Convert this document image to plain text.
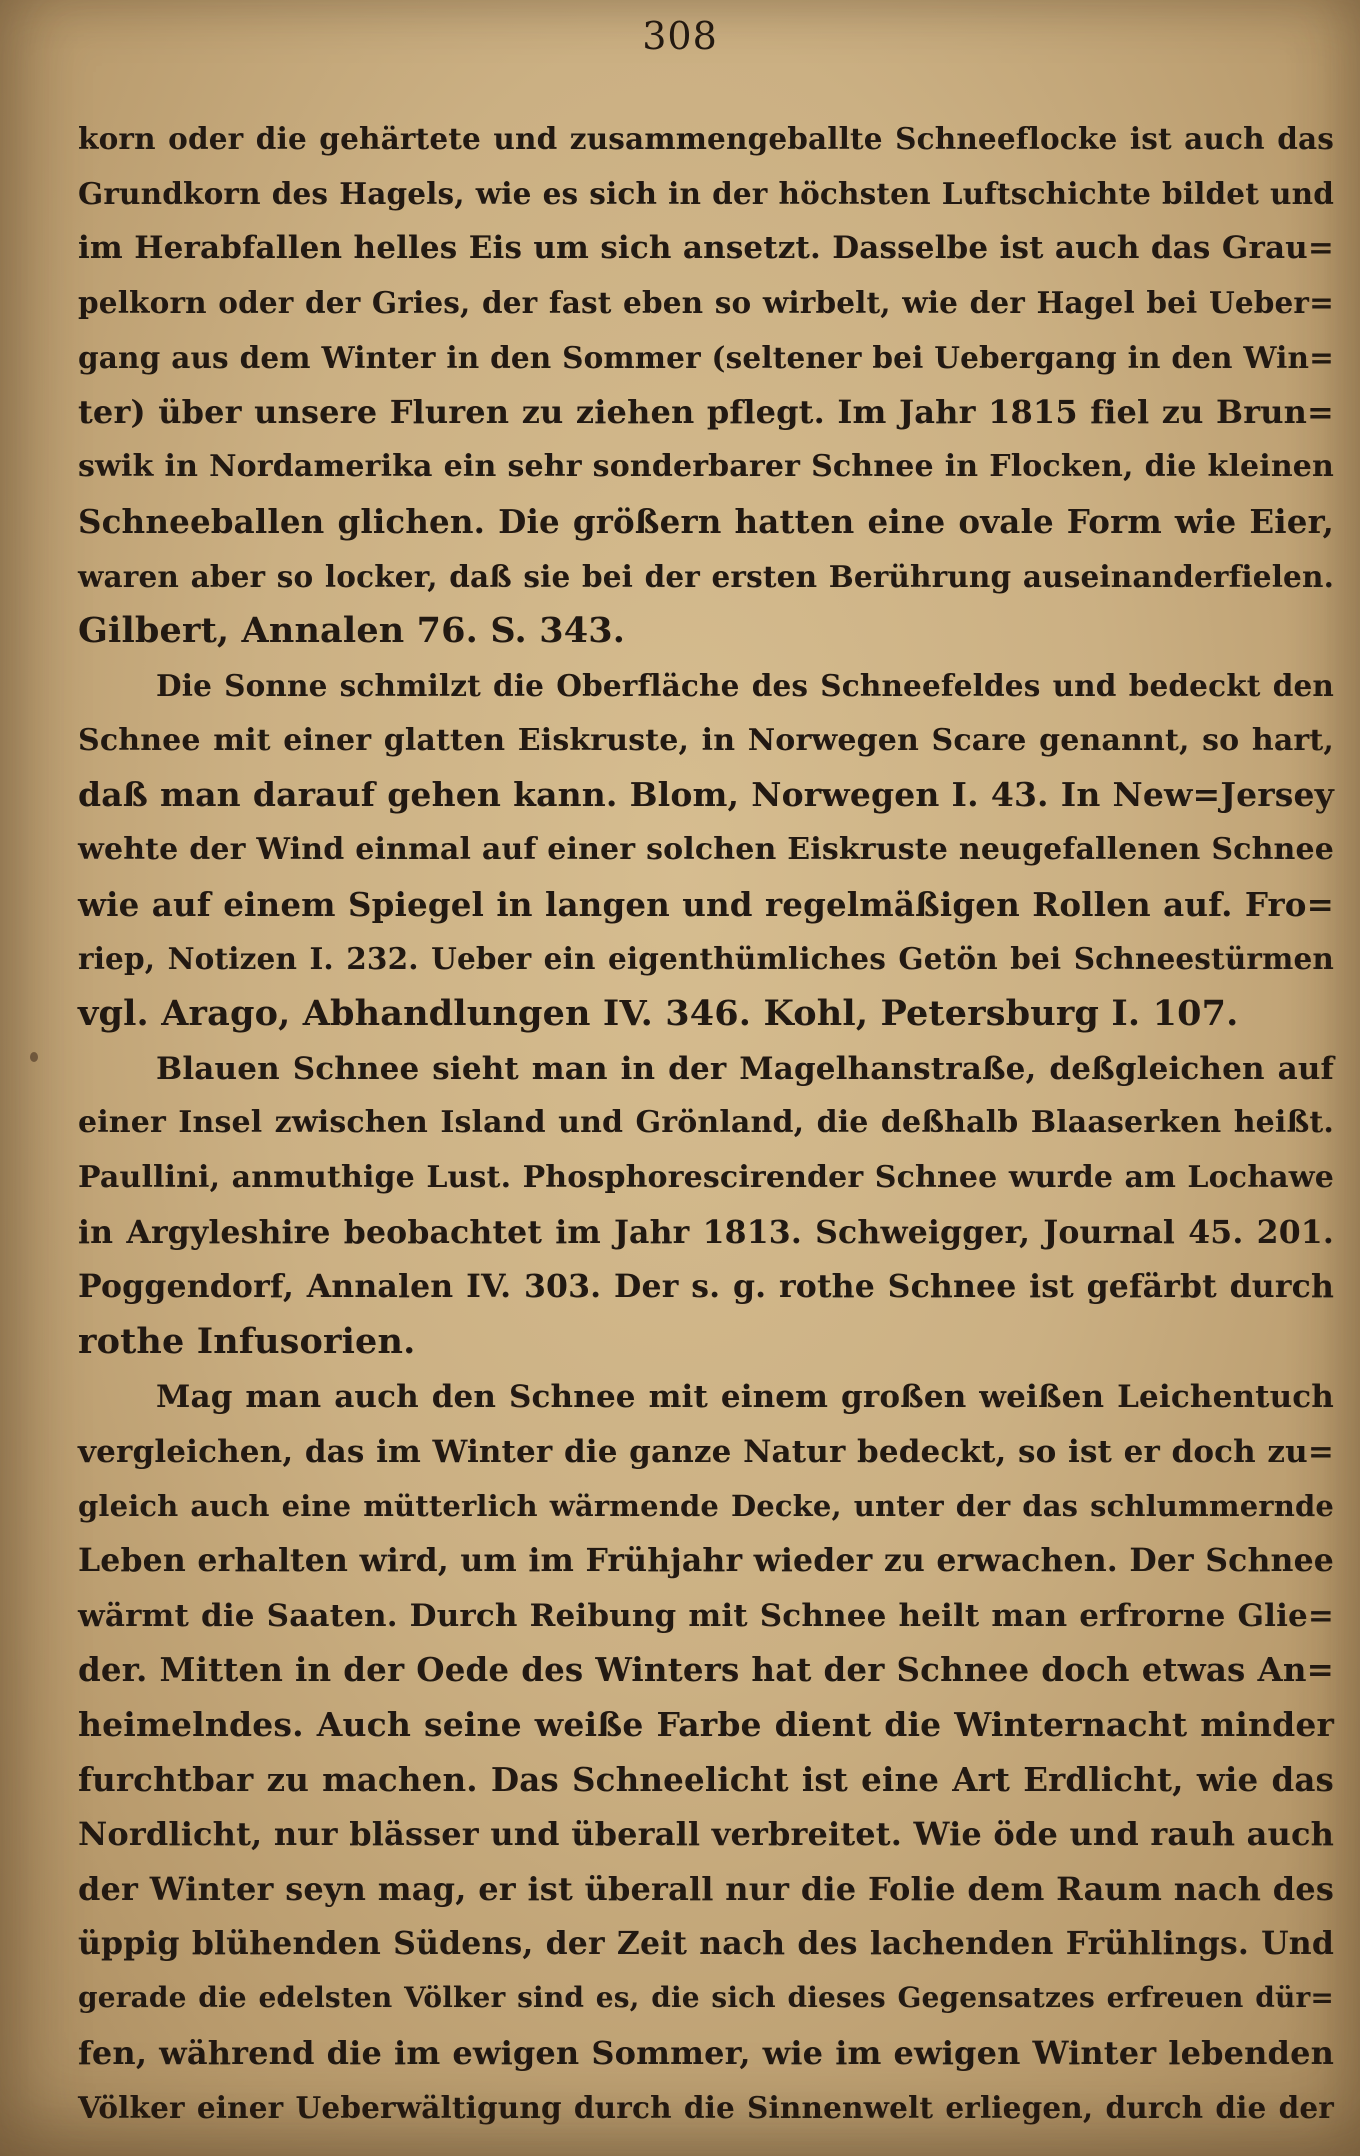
308
korn oder die gehärtete und zusammengeballte Schneeflocke ist auch das
Grundkorn des Hagels, wie es sich in der höchsten Luftschichte bildet und
im Herabfallen helles Eis um sich ansetzt. Dasselbe ist auch das Grau=
pelkorn oder der Gries, der fast eben so wirbelt, wie der Hagel bei Ueber=
gang aus dem Winter in den Sommer (seltener bei Uebergang in den Win=
ter) über unsere Fluren zu ziehen pflegt. Im Jahr 1815 fiel zu Brun=
swik in Nordamerika ein sehr sonderbarer Schnee in Flocken, die kleinen
Schneeballen glichen. Die größern hatten eine ovale Form wie Eier,
waren aber so locker, daß sie bei der ersten Berührung auseinanderfielen.
Gilbert, Annalen 76. S. 343.
Die Sonne schmilzt die Oberfläche des Schneefeldes und bedeckt den
Schnee mit einer glatten Eiskruste, in Norwegen Scare genannt, so hart,
daß man darauf gehen kann. Blom, Norwegen I. 43. In New=Jersey
wehte der Wind einmal auf einer solchen Eiskruste neugefallenen Schnee
wie auf einem Spiegel in langen und regelmäßigen Rollen auf. Fro=
riep, Notizen I. 232. Ueber ein eigenthümliches Getön bei Schneestürmen
vgl. Arago, Abhandlungen IV. 346. Kohl, Petersburg I. 107.
Blauen Schnee sieht man in der Magelhanstraße, deßgleichen auf
einer Insel zwischen Island und Grönland, die deßhalb Blaaserken heißt.
Paullini, anmuthige Lust. Phosphorescirender Schnee wurde am Lochawe
in Argyleshire beobachtet im Jahr 1813. Schweigger, Journal 45. 201.
Poggendorf, Annalen IV. 303. Der s. g. rothe Schnee ist gefärbt durch
rothe Infusorien.
Mag man auch den Schnee mit einem großen weißen Leichentuch
vergleichen, das im Winter die ganze Natur bedeckt, so ist er doch zu=
gleich auch eine mütterlich wärmende Decke, unter der das schlummernde
Leben erhalten wird, um im Frühjahr wieder zu erwachen. Der Schnee
wärmt die Saaten. Durch Reibung mit Schnee heilt man erfrorne Glie=
der. Mitten in der Oede des Winters hat der Schnee doch etwas An=
heimelndes. Auch seine weiße Farbe dient die Winternacht minder
furchtbar zu machen. Das Schneelicht ist eine Art Erdlicht, wie das
Nordlicht, nur blässer und überall verbreitet. Wie öde und rauh auch
der Winter seyn mag, er ist überall nur die Folie dem Raum nach des
üppig blühenden Südens, der Zeit nach des lachenden Frühlings. Und
gerade die edelsten Völker sind es, die sich dieses Gegensatzes erfreuen dür=
fen, während die im ewigen Sommer, wie im ewigen Winter lebenden
Völker einer Ueberwältigung durch die Sinnenwelt erliegen, durch die der
